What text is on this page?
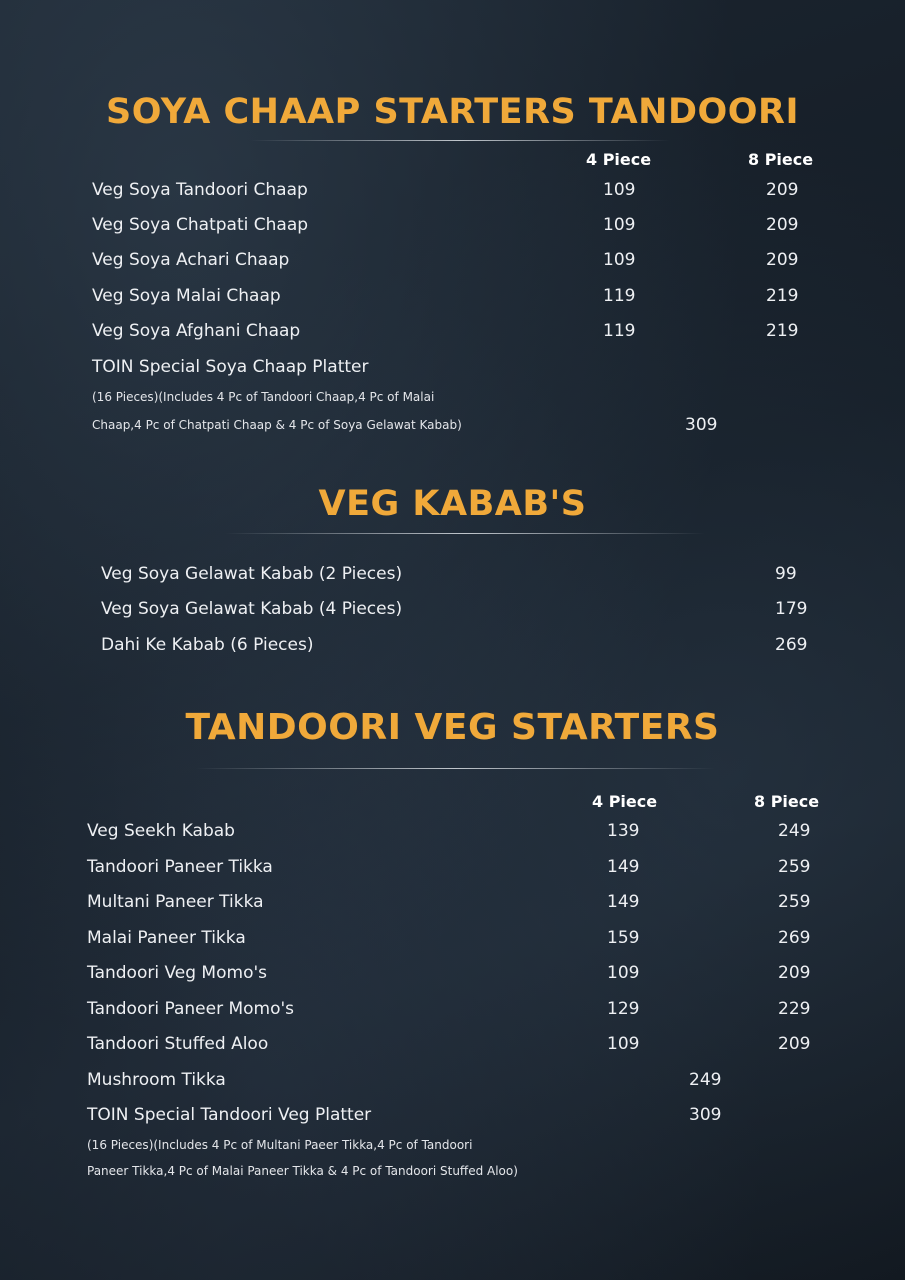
SOYA CHAAP STARTERS TANDOORI
4 Piece	8 Piece
Veg Soya Tandoori Chaap	109	209
Veg Soya Chatpati Chaap	109	209
Veg Soya Achari Chaap	109	209
Veg Soya Malai Chaap	119	219
Veg Soya Afghani Chaap	119	219
TOIN Special Soya Chaap Platter
(16 Pieces)(Includes 4 Pc of Tandoori Chaap,4 Pc of Malai
Chaap,4 Pc of Chatpati Chaap & 4 Pc of Soya Gelawat Kabab)	309
VEG KABAB'S
Veg Soya Gelawat Kabab (2 Pieces)	99
Veg Soya Gelawat Kabab (4 Pieces)	179
Dahi Ke Kabab (6 Pieces)	269
TANDOORI VEG STARTERS
4 Piece	8 Piece
Veg Seekh Kabab	139	249
Tandoori Paneer Tikka	149	259
Multani Paneer Tikka	149	259
Malai Paneer Tikka	159	269
Tandoori Veg Momo's	109	209
Tandoori Paneer Momo's	129	229
Tandoori Stuffed Aloo	109	209
Mushroom Tikka	249
TOIN Special Tandoori Veg Platter	309
(16 Pieces)(Includes 4 Pc of Multani Paeer Tikka,4 Pc of Tandoori
Paneer Tikka,4 Pc of Malai Paneer Tikka & 4 Pc of Tandoori Stuffed Aloo)
